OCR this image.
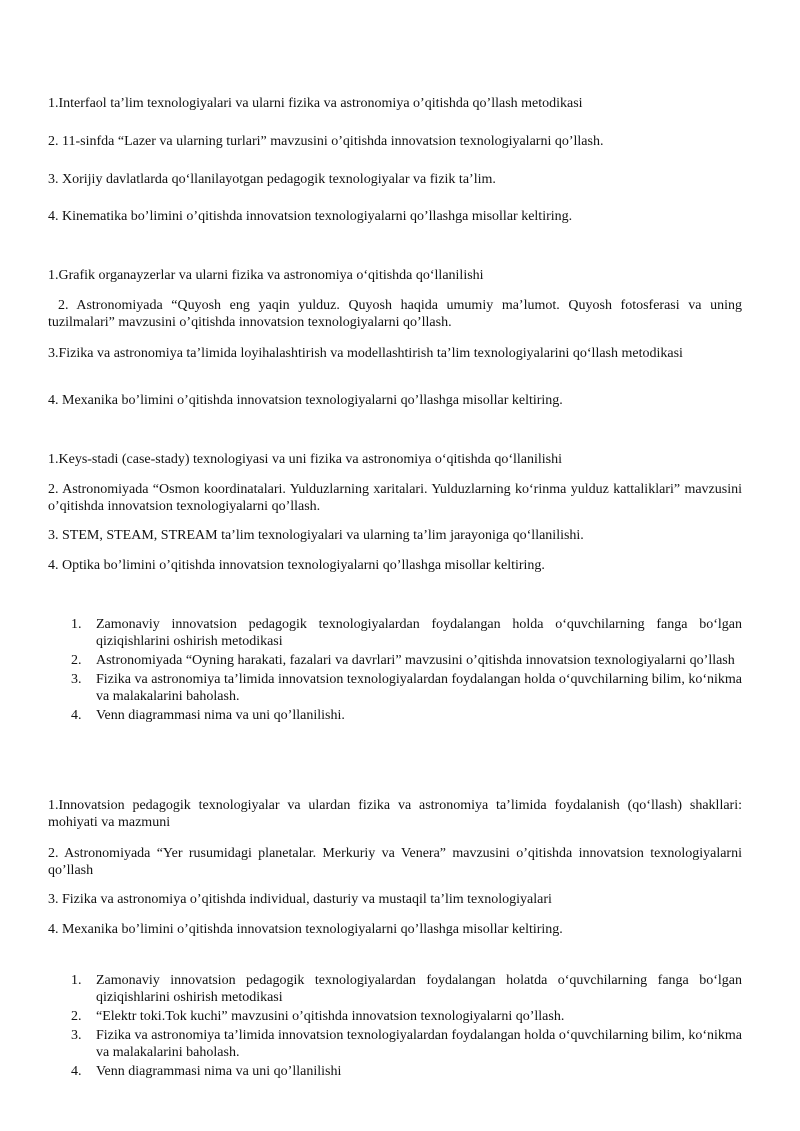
1.Interfaol ta’lim texnologiyalari va ularni fizika va astronomiya o’qitishda qo’llash metodikasi

2. 11-sinfda “Lazer va ularning turlari” mavzusini o’qitishda innovatsion texnologiyalarni qo’llash.

3. Xorijiy davlatlarda qoʻllanilayotgan pedagogik texnologiyalar va fizik taʼlim.

4. Kinematika bo’limini o’qitishda innovatsion texnologiyalarni qo’llashga misollar keltiring.

1.Grafik organayzerlar va ularni fizika va astronomiya oʻqitishda qoʻllanilishi

2. Astronomiyada “Quyosh eng yaqin yulduz. Quyosh haqida umumiy ma’lumot. Quyosh fotosferasi va uning tuzilmalari” mavzusini o’qitishda innovatsion texnologiyalarni qo’llash.

3.Fizika va astronomiya taʼlimida loyihalashtirish va modellashtirish taʼlim texnologiyalarini qoʻllash metodikasi

4. Mexanika bo’limini o’qitishda innovatsion texnologiyalarni qo’llashga misollar keltiring.

1.Keys-stadi (case-stady) texnologiyasi va uni fizika va astronomiya oʻqitishda qoʻllanilishi

2. Astronomiyada “Osmon koordinatalari. Yulduzlarning xaritalari. Yulduzlarning koʻrinma yulduz kattaliklari” mavzusini o’qitishda innovatsion texnologiyalarni qo’llash.

3. STEM, STEAM, STREAM taʼlim texnologiyalari va ularning taʼlim jarayoniga qoʻllanilishi.

4. Optika bo’limini o’qitishda innovatsion texnologiyalarni qo’llashga misollar keltiring.

1. Zamonaviy innovatsion pedagogik texnologiyalardan foydalangan holda oʻquvchilarning fanga boʻlgan qiziqishlarini oshirish metodikasi
2. Astronomiyada “Oyning harakati, fazalari va davrlari” mavzusini o’qitishda innovatsion texnologiyalarni qo’llash
3. Fizika va astronomiya taʼlimida innovatsion texnologiyalardan foydalangan holda oʻquvchilarning bilim, koʻnikma va malakalarini baholash.
4. Venn diagrammasi nima va uni qo’llanilishi.

1.Innovatsion pedagogik texnologiyalar va ulardan fizika va astronomiya taʼlimida foydalanish (qoʻllash) shakllari: mohiyati va mazmuni

2. Astronomiyada “Yer rusumidagi planetalar. Merkuriy va Venera” mavzusini o’qitishda innovatsion texnologiyalarni qo’llash

3. Fizika va astronomiya o’qitishda individual, dasturiy va mustaqil ta’lim texnologiyalari

4. Mexanika bo’limini o’qitishda innovatsion texnologiyalarni qo’llashga misollar keltiring.

1. Zamonaviy innovatsion pedagogik texnologiyalardan foydalangan holatda oʻquvchilarning fanga boʻlgan qiziqishlarini oshirish metodikasi
2. “Elektr toki.Tok kuchi” mavzusini o’qitishda innovatsion texnologiyalarni qo’llash.
3. Fizika va astronomiya taʼlimida innovatsion texnologiyalardan foydalangan holda oʻquvchilarning bilim, koʻnikma va malakalarini baholash.
4. Venn diagrammasi nima va uni qo’llanilishi
